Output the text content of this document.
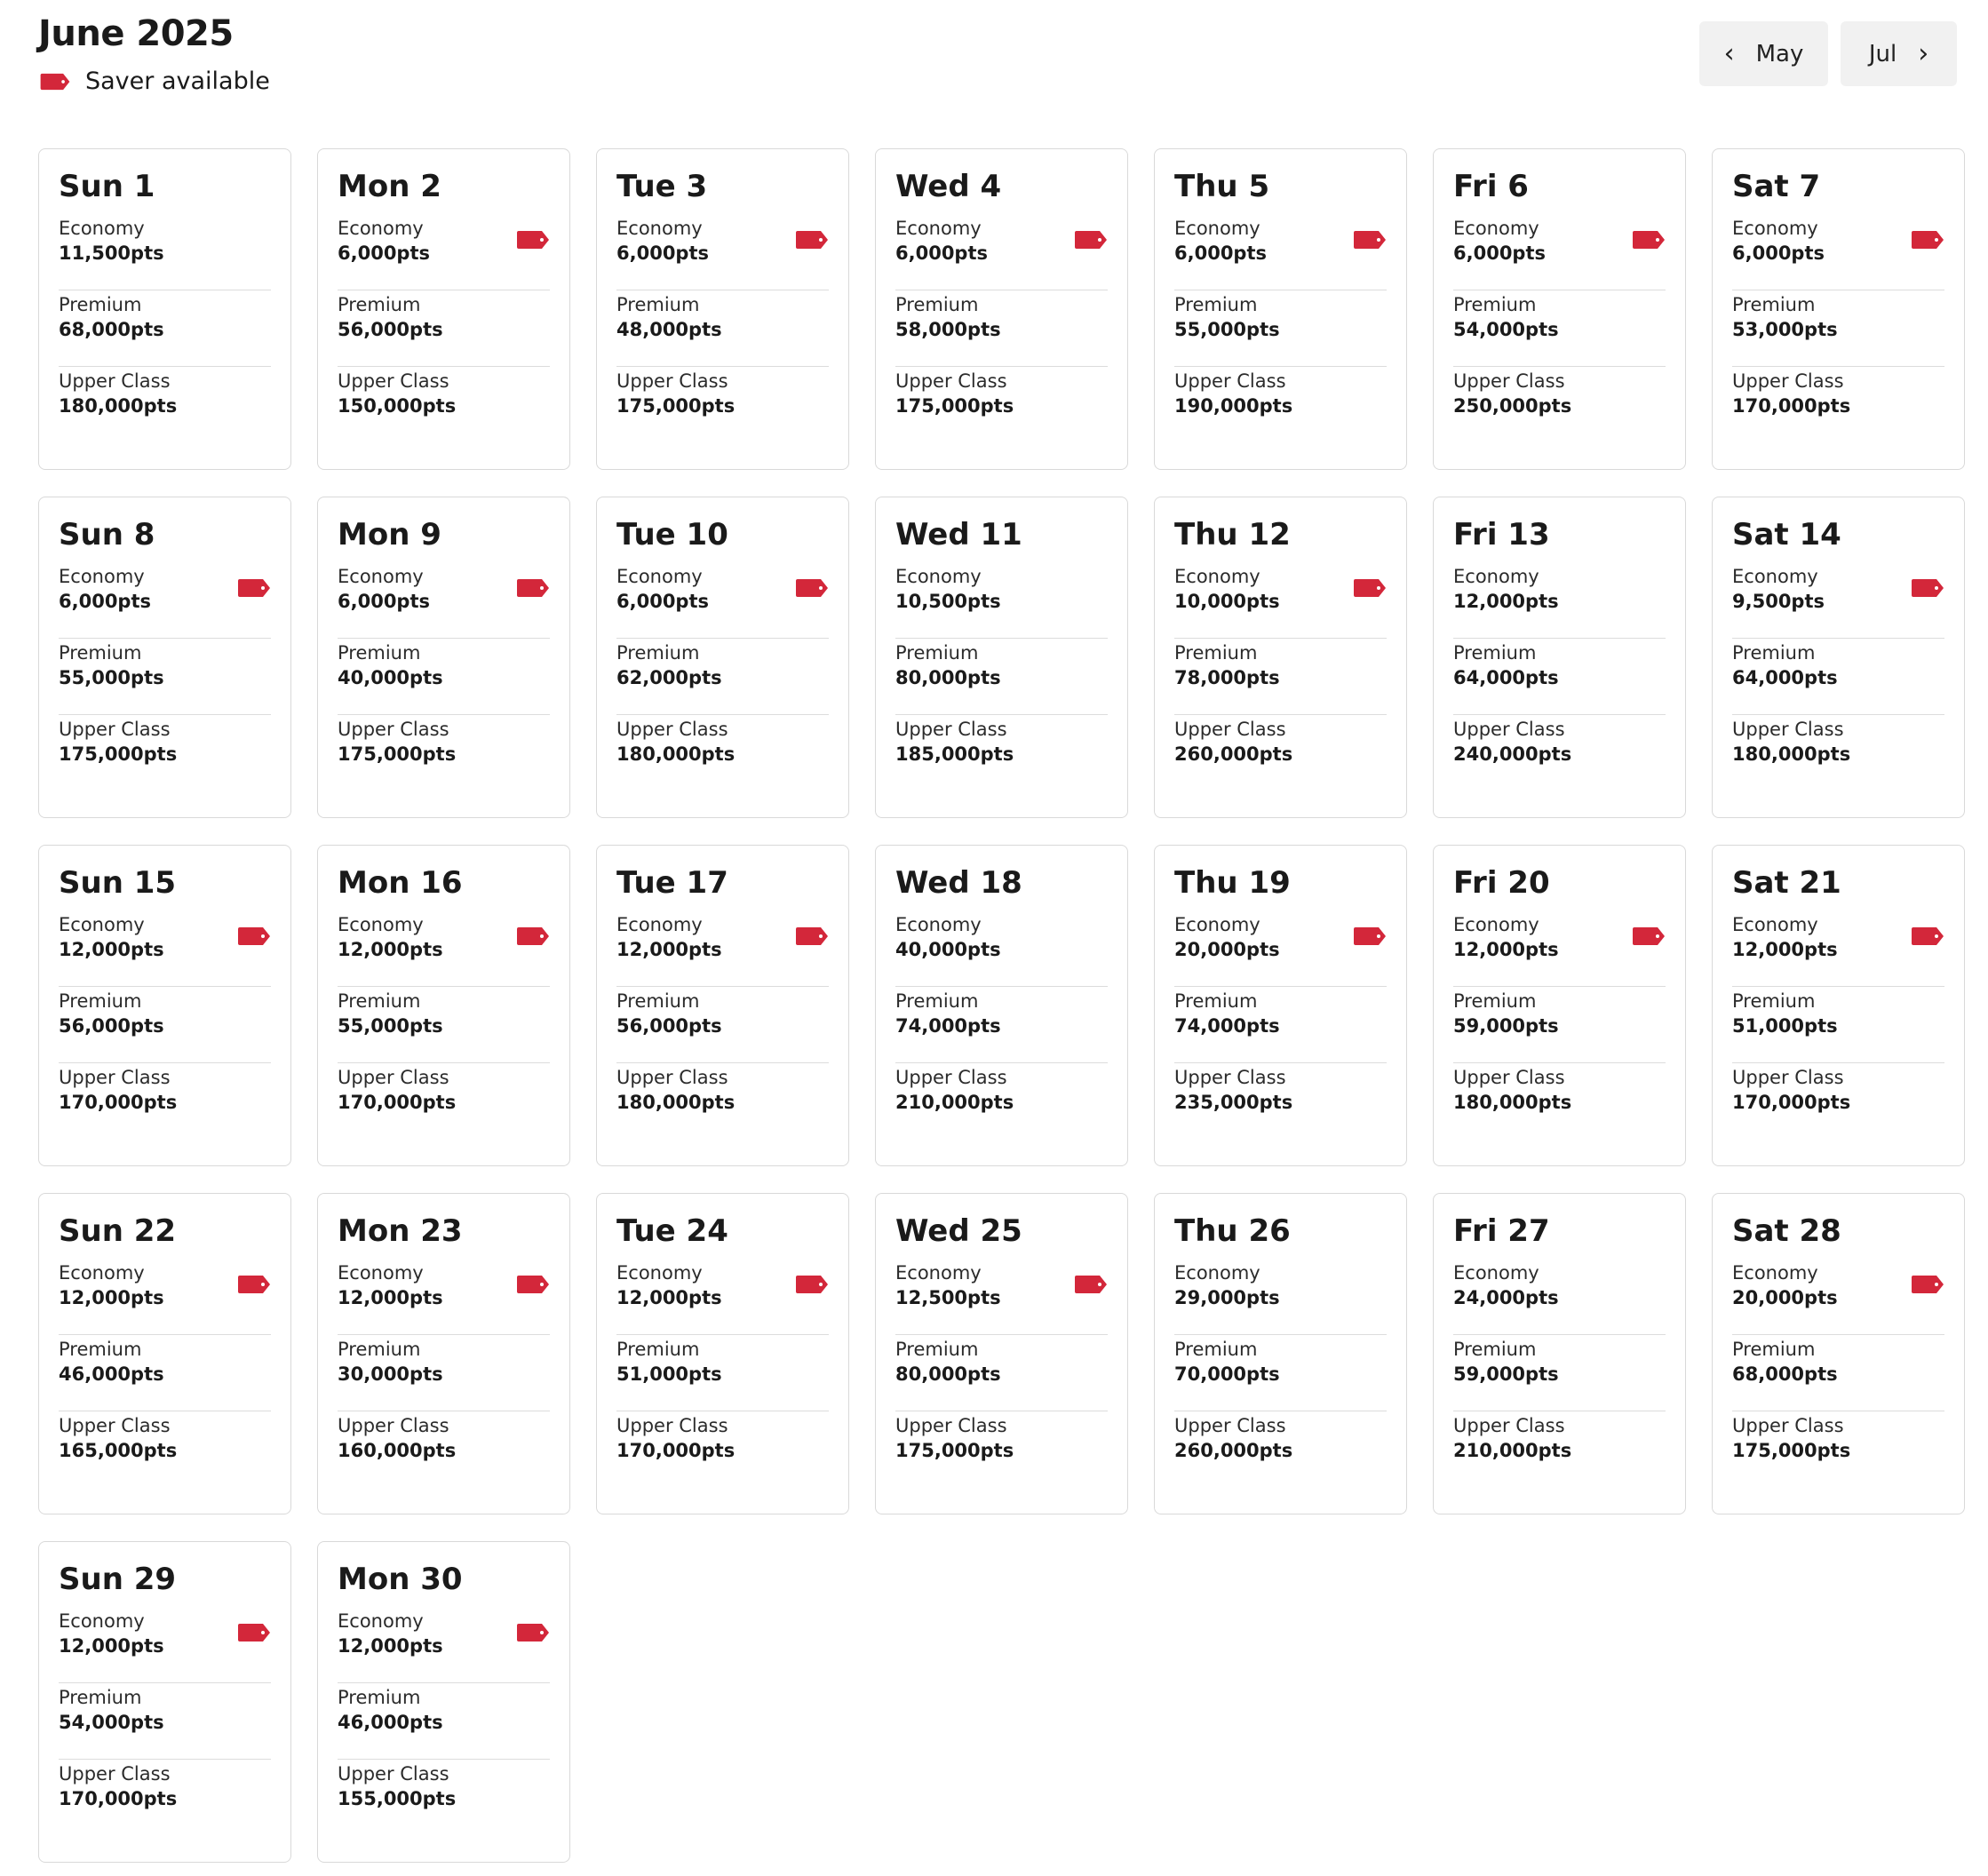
June 2025
Saver available
‹ May	Jul ›
Sun 1
Economy
11,500pts
Premium
68,000pts
Upper Class
180,000pts
Mon 2
Economy
6,000pts
Premium
56,000pts
Upper Class
150,000pts
Tue 3
Economy
6,000pts
Premium
48,000pts
Upper Class
175,000pts
Wed 4
Economy
6,000pts
Premium
58,000pts
Upper Class
175,000pts
Thu 5
Economy
6,000pts
Premium
55,000pts
Upper Class
190,000pts
Fri 6
Economy
6,000pts
Premium
54,000pts
Upper Class
250,000pts
Sat 7
Economy
6,000pts
Premium
53,000pts
Upper Class
170,000pts
Sun 8
Economy
6,000pts
Premium
55,000pts
Upper Class
175,000pts
Mon 9
Economy
6,000pts
Premium
40,000pts
Upper Class
175,000pts
Tue 10
Economy
6,000pts
Premium
62,000pts
Upper Class
180,000pts
Wed 11
Economy
10,500pts
Premium
80,000pts
Upper Class
185,000pts
Thu 12
Economy
10,000pts
Premium
78,000pts
Upper Class
260,000pts
Fri 13
Economy
12,000pts
Premium
64,000pts
Upper Class
240,000pts
Sat 14
Economy
9,500pts
Premium
64,000pts
Upper Class
180,000pts
Sun 15
Economy
12,000pts
Premium
56,000pts
Upper Class
170,000pts
Mon 16
Economy
12,000pts
Premium
55,000pts
Upper Class
170,000pts
Tue 17
Economy
12,000pts
Premium
56,000pts
Upper Class
180,000pts
Wed 18
Economy
40,000pts
Premium
74,000pts
Upper Class
210,000pts
Thu 19
Economy
20,000pts
Premium
74,000pts
Upper Class
235,000pts
Fri 20
Economy
12,000pts
Premium
59,000pts
Upper Class
180,000pts
Sat 21
Economy
12,000pts
Premium
51,000pts
Upper Class
170,000pts
Sun 22
Economy
12,000pts
Premium
46,000pts
Upper Class
165,000pts
Mon 23
Economy
12,000pts
Premium
30,000pts
Upper Class
160,000pts
Tue 24
Economy
12,000pts
Premium
51,000pts
Upper Class
170,000pts
Wed 25
Economy
12,500pts
Premium
80,000pts
Upper Class
175,000pts
Thu 26
Economy
29,000pts
Premium
70,000pts
Upper Class
260,000pts
Fri 27
Economy
24,000pts
Premium
59,000pts
Upper Class
210,000pts
Sat 28
Economy
20,000pts
Premium
68,000pts
Upper Class
175,000pts
Sun 29
Economy
12,000pts
Premium
54,000pts
Upper Class
170,000pts
Mon 30
Economy
12,000pts
Premium
46,000pts
Upper Class
155,000pts
